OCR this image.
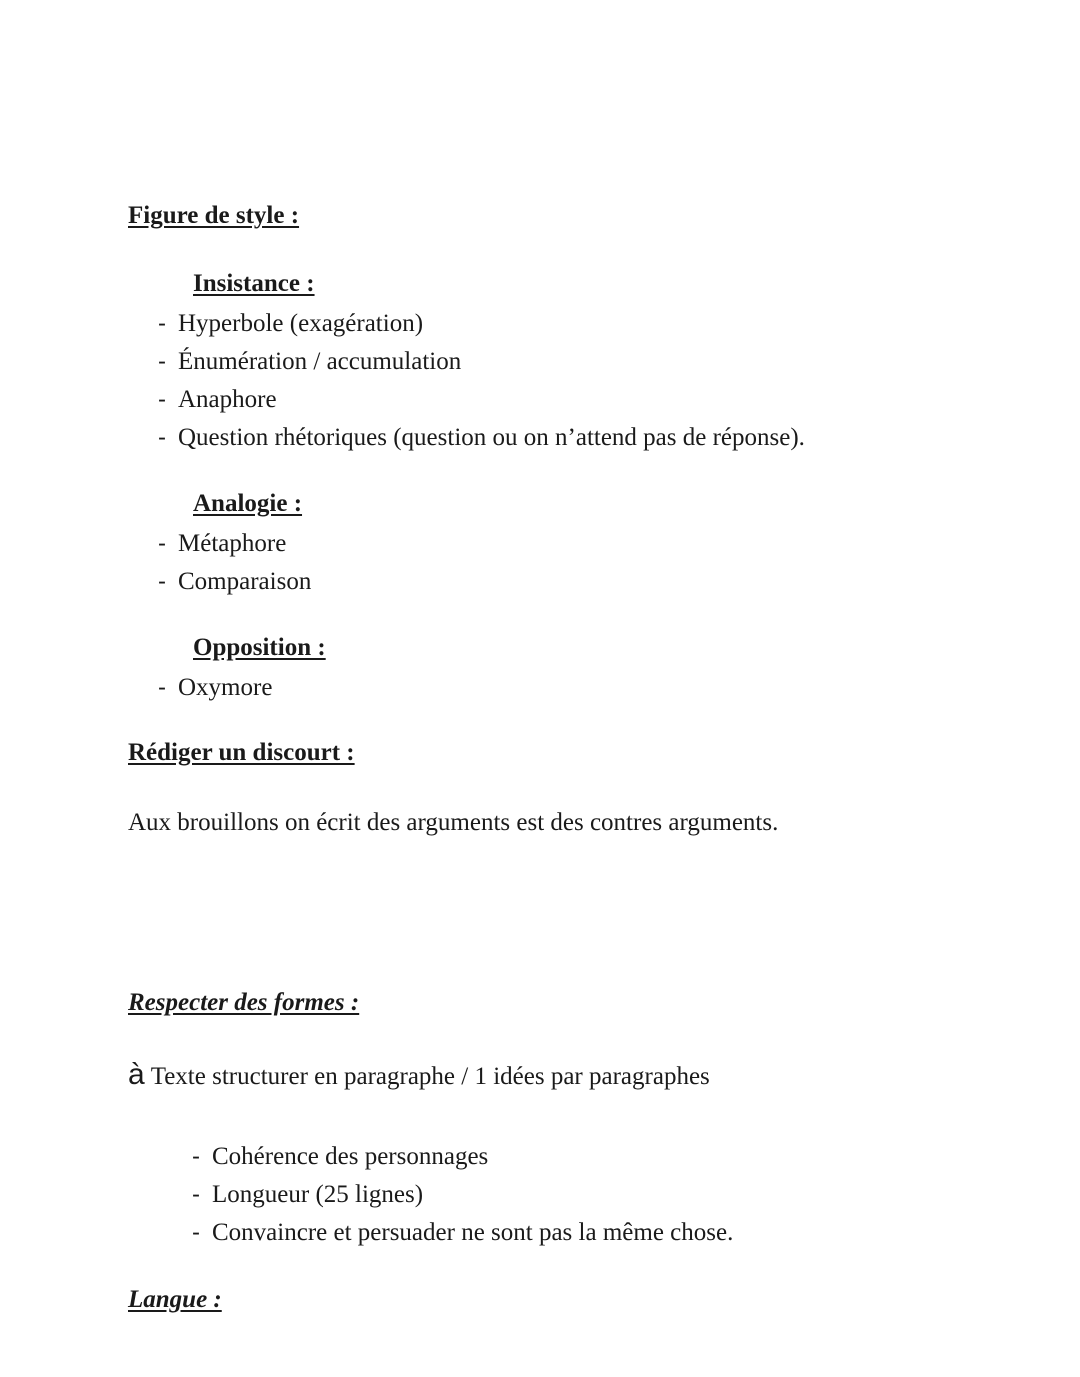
Figure de style :
Insistance :
- Hyperbole (exagération)
- Énumération / accumulation
- Anaphore
- Question rhétoriques (question ou on n’attend pas de réponse).
Analogie :
- Métaphore
- Comparaison
Opposition :
- Oxymore
Rédiger un discourt :
Aux brouillons on écrit des arguments est des contres arguments.
Respecter des formes :
à Texte structurer en paragraphe / 1 idées par paragraphes
- Cohérence des personnages
- Longueur (25 lignes)
- Convaincre et persuader ne sont pas la même chose.
Langue :
